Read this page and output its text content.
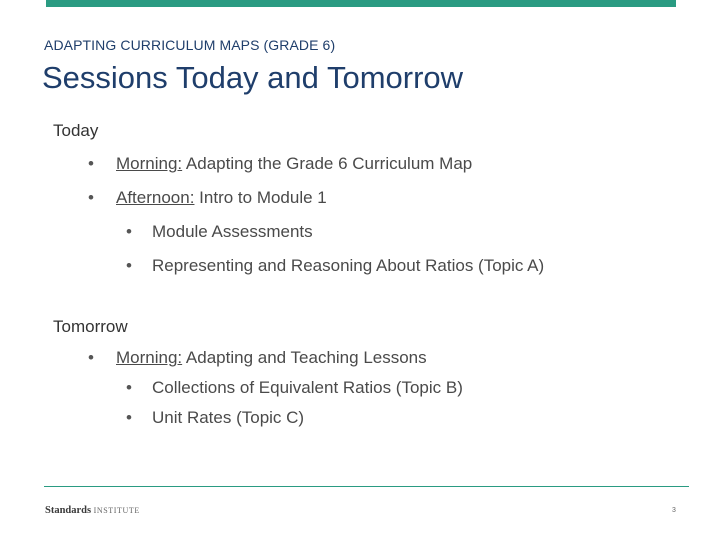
ADAPTING CURRICULUM MAPS (GRADE 6)
Sessions Today and Tomorrow
Today
• Morning: Adapting the Grade 6 Curriculum Map
• Afternoon: Intro to Module 1
• Module Assessments
• Representing and Reasoning About Ratios (Topic A)
Tomorrow
• Morning: Adapting and Teaching Lessons
• Collections of Equivalent Ratios (Topic B)
• Unit Rates (Topic C)
Standards INSTITUTE	3
